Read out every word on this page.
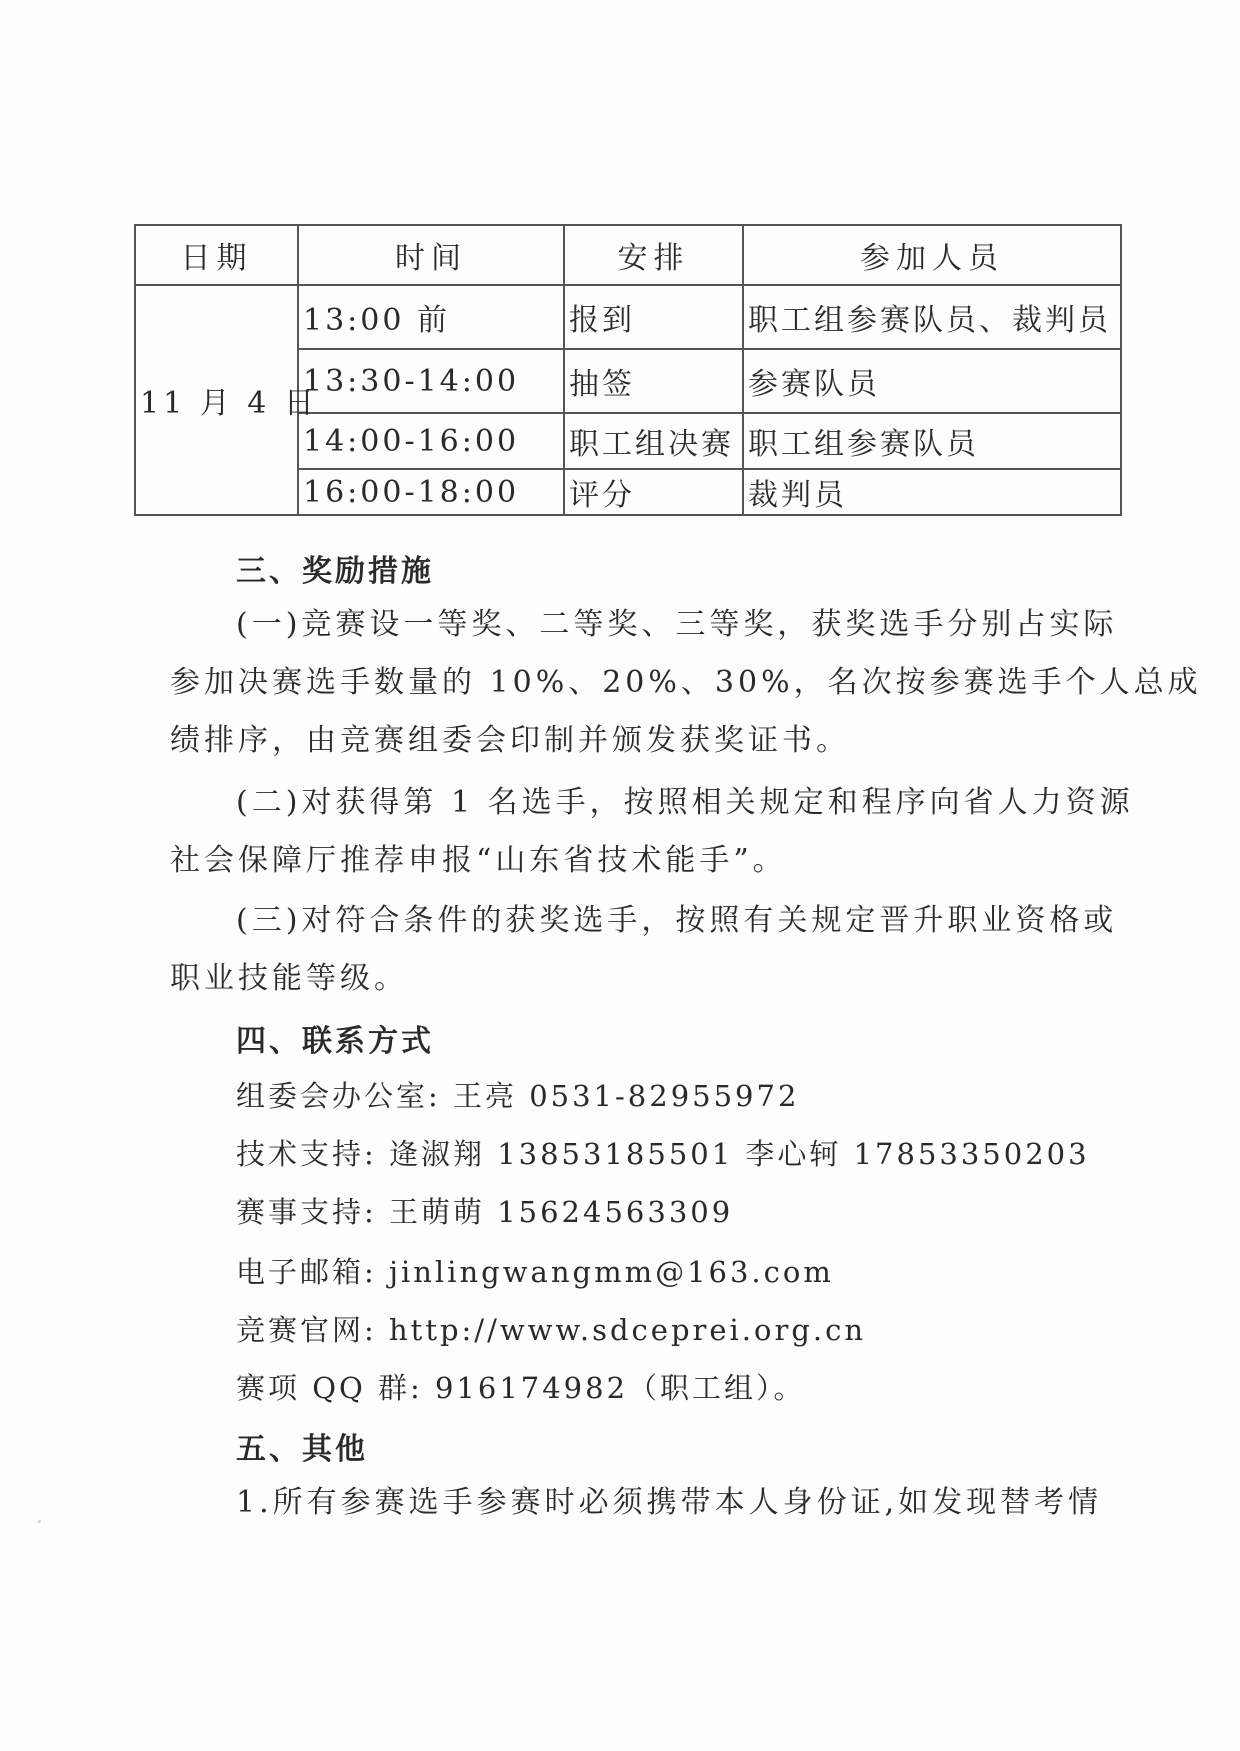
日期	时间	安排	参加人员
11 月 4 日	13:00 前	报到	职工组参赛队员、裁判员
	13:30-14:00	抽签	参赛队员
	14:00-16:00	职工组决赛	职工组参赛队员
	16:00-18:00	评分	裁判员
三、奖励措施
(一)竞赛设一等奖、二等奖、三等奖，获奖选手分别占实际
参加决赛选手数量的 10%、20%、30%，名次按参赛选手个人总成
绩排序，由竞赛组委会印制并颁发获奖证书。
(二)对获得第 1 名选手，按照相关规定和程序向省人力资源
社会保障厅推荐申报“山东省技术能手”。
(三)对符合条件的获奖选手，按照有关规定晋升职业资格或
职业技能等级。
四、联系方式
组委会办公室: 王亮 0531-82955972
技术支持: 逄淑翔 13853185501 李心轲 17853350203
赛事支持: 王萌萌 15624563309
电子邮箱: jinlingwangmm@163.com
竞赛官网: http://www.sdceprei.org.cn
赛项 QQ 群: 916174982（职工组）。
五、其他
1.所有参赛选手参赛时必须携带本人身份证,如发现替考情
